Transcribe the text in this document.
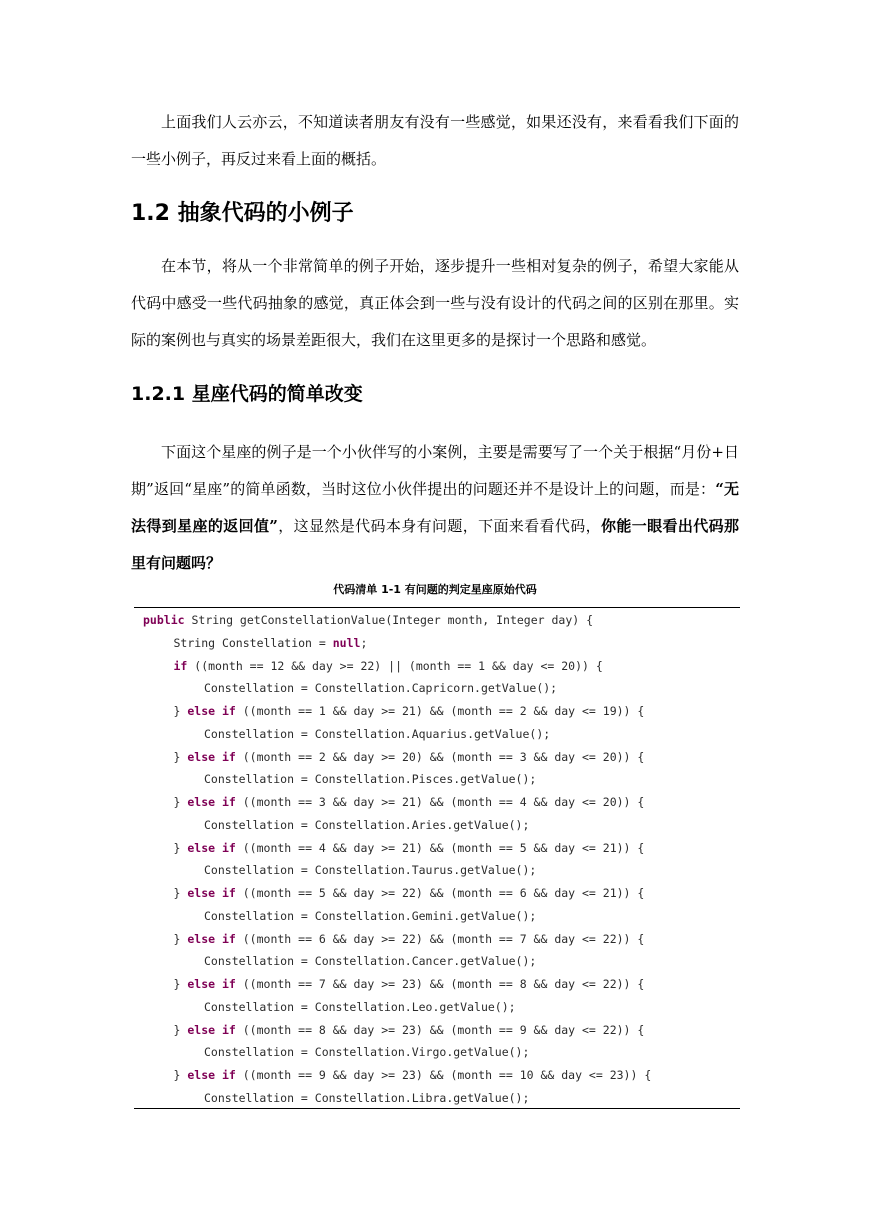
上面我们人云亦云，不知道读者朋友有没有一些感觉，如果还没有，来看看我们下面的一些小例子，再反过来看上面的概括。

1.2 抽象代码的小例子

在本节，将从一个非常简单的例子开始，逐步提升一些相对复杂的例子，希望大家能从代码中感受一些代码抽象的感觉，真正体会到一些与没有设计的代码之间的区别在那里。实际的案例也与真实的场景差距很大，我们在这里更多的是探讨一个思路和感觉。

1.2.1 星座代码的简单改变

下面这个星座的例子是一个小伙伴写的小案例，主要是需要写了一个关于根据“月份+日期”返回“星座”的简单函数，当时这位小伙伴提出的问题还并不是设计上的问题，而是：“无法得到星座的返回值”，这显然是代码本身有问题，下面来看看代码，你能一眼看出代码那里有问题吗？

代码清单 1-1 有问题的判定星座原始代码

public String getConstellationValue(Integer month, Integer day) {
String Constellation = null;
if ((month == 12 && day >= 22) || (month == 1 && day <= 20)) {
Constellation = Constellation.Capricorn.getValue();
} else if ((month == 1 && day >= 21) && (month == 2 && day <= 19)) {
Constellation = Constellation.Aquarius.getValue();
} else if ((month == 2 && day >= 20) && (month == 3 && day <= 20)) {
Constellation = Constellation.Pisces.getValue();
} else if ((month == 3 && day >= 21) && (month == 4 && day <= 20)) {
Constellation = Constellation.Aries.getValue();
} else if ((month == 4 && day >= 21) && (month == 5 && day <= 21)) {
Constellation = Constellation.Taurus.getValue();
} else if ((month == 5 && day >= 22) && (month == 6 && day <= 21)) {
Constellation = Constellation.Gemini.getValue();
} else if ((month == 6 && day >= 22) && (month == 7 && day <= 22)) {
Constellation = Constellation.Cancer.getValue();
} else if ((month == 7 && day >= 23) && (month == 8 && day <= 22)) {
Constellation = Constellation.Leo.getValue();
} else if ((month == 8 && day >= 23) && (month == 9 && day <= 22)) {
Constellation = Constellation.Virgo.getValue();
} else if ((month == 9 && day >= 23) && (month == 10 && day <= 23)) {
Constellation = Constellation.Libra.getValue();
